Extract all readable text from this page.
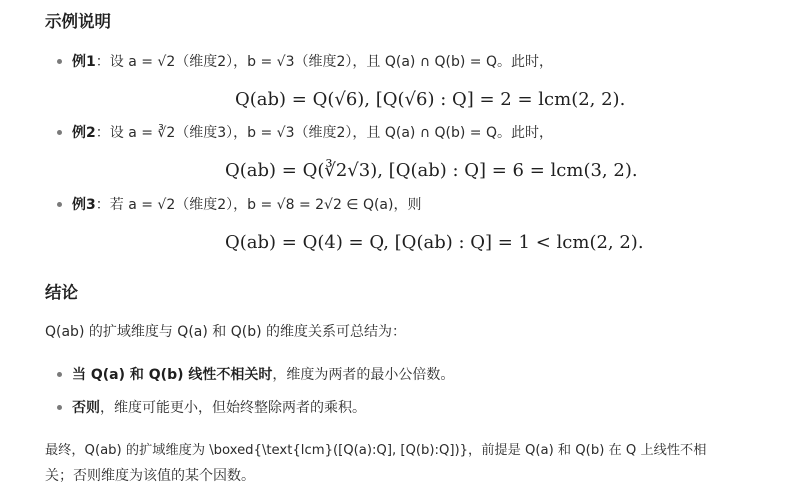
示例说明
例1：设 a = √2（维度2），b = √3（维度2），且 Q(a) ∩ Q(b) = Q。此时，
Q(ab) = Q(√6), [Q(√6) : Q] = 2 = lcm(2, 2).
例2：设 a = ∛2（维度3），b = √3（维度2），且 Q(a) ∩ Q(b) = Q。此时，
Q(ab) = Q(∛2√3), [Q(ab) : Q] = 6 = lcm(3, 2).
例3：若 a = √2（维度2），b = √8 = 2√2 ∈ Q(a)，则
Q(ab) = Q(4) = Q, [Q(ab) : Q] = 1 < lcm(2, 2).
结论
Q(ab) 的扩域维度与 Q(a) 和 Q(b) 的维度关系可总结为：
当 Q(a) 和 Q(b) 线性不相关时，维度为两者的最小公倍数。
否则，维度可能更小，但始终整除两者的乘积。
最终，Q(ab) 的扩域维度为 \boxed{\text{lcm}([Q(a):Q], [Q(b):Q])}，前提是 Q(a) 和 Q(b) 在 Q 上线性不相
关；否则维度为该值的某个因数。
